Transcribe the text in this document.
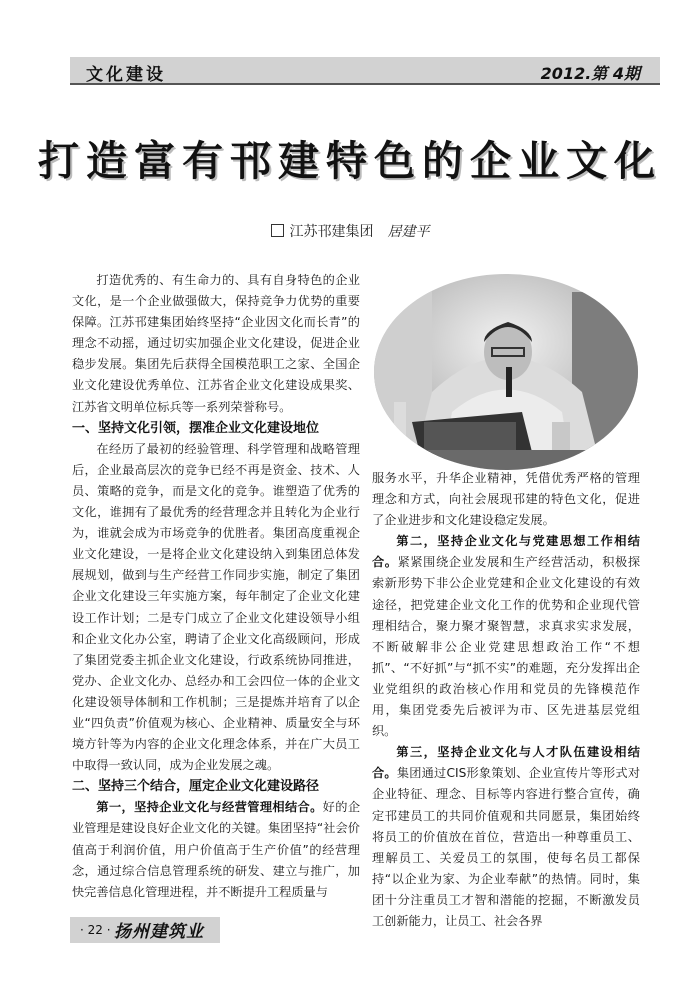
文化建设	2012.第 4期
打造富有邗建特色的企业文化
江苏邗建集团 居建平

打造优秀的、有生命力的、具有自身特色的企业文化，是一个企业做强做大，保持竞争力优势的重要保障。江苏邗建集团始终坚持“企业因文化而长青”的理念不动摇，通过切实加强企业文化建设，促进企业稳步发展。集团先后获得全国模范职工之家、全国企业文化建设优秀单位、江苏省企业文化建设成果奖、江苏省文明单位标兵等一系列荣誉称号。

一、坚持文化引领，摆准企业文化建设地位

在经历了最初的经验管理、科学管理和战略管理后，企业最高层次的竞争已经不再是资金、技术、人员、策略的竞争，而是文化的竞争。谁塑造了优秀的文化，谁拥有了最优秀的经营理念并且转化为企业行为，谁就会成为市场竞争的优胜者。集团高度重视企业文化建设，一是将企业文化建设纳入到集团总体发展规划，做到与生产经营工作同步实施，制定了集团企业文化建设三年实施方案，每年制定了企业文化建设工作计划；二是专门成立了企业文化建设领导小组和企业文化办公室，聘请了企业文化高级顾问，形成了集团党委主抓企业文化建设，行政系统协同推进，党办、企业文化办、总经办和工会四位一体的企业文化建设领导体制和工作机制；三是提炼并培育了以企业“四负责”价值观为核心、企业精神、质量安全与环境方针等为内容的企业文化理念体系，并在广大员工中取得一致认同，成为企业发展之魂。

二、坚持三个结合，厘定企业文化建设路径

第一，坚持企业文化与经营管理相结合。好的企业管理是建设良好企业文化的关键。集团坚持“社会价值高于利润价值，用户价值高于生产价值”的经营理念，通过综合信息管理系统的研发、建立与推广，加快完善信息化管理进程，并不断提升工程质量与

服务水平，升华企业精神，凭借优秀严格的管理理念和方式，向社会展现邗建的特色文化，促进了企业进步和文化建设稳定发展。

第二，坚持企业文化与党建思想工作相结合。紧紧围绕企业发展和生产经营活动，积极探索新形势下非公企业党建和企业文化建设的有效途径，把党建企业文化工作的优势和企业现代管理相结合，聚力聚才聚智慧，求真求实求发展，不断破解非公企业党建思想政治工作“不想抓”、“不好抓”与“抓不实”的难题，充分发挥出企业党组织的政治核心作用和党员的先锋模范作用，集团党委先后被评为市、区先进基层党组织。

第三，坚持企业文化与人才队伍建设相结合。集团通过CIS形象策划、企业宣传片等形式对企业特征、理念、目标等内容进行整合宣传，确定邗建员工的共同价值观和共同愿景，集团始终将员工的价值放在首位，营造出一种尊重员工、理解员工、关爱员工的氛围，使每名员工都保持“以企业为家、为企业奉献”的热情。同时，集团十分注重员工才智和潜能的挖掘，不断激发员工创新能力，让员工、社会各界

· 22 · 扬州建筑业
